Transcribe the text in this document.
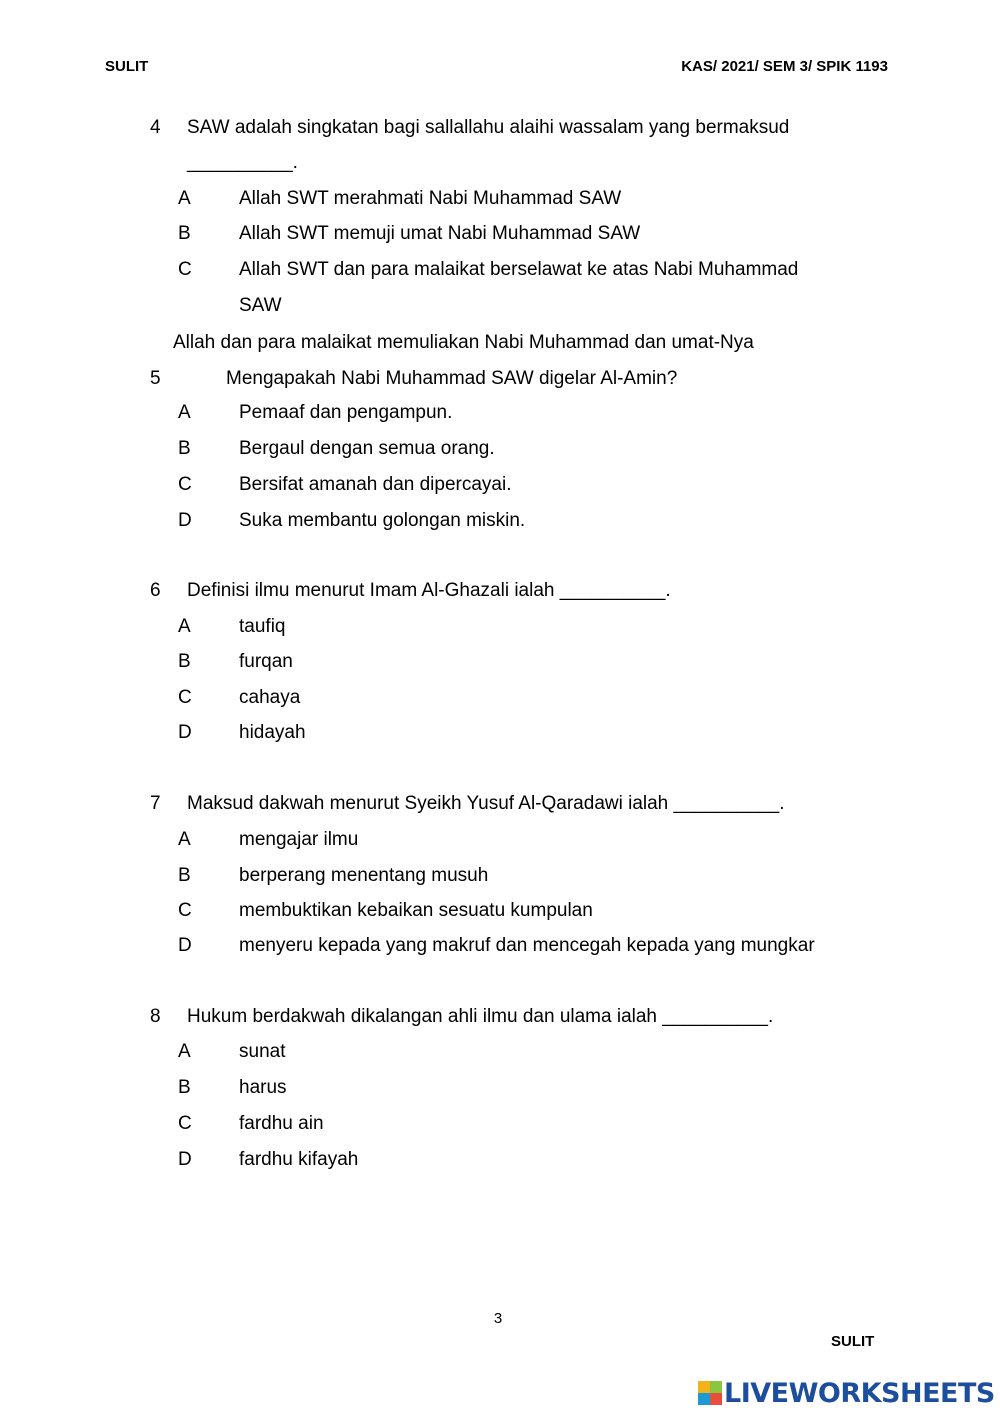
SULIT	KAS/ 2021/ SEM 3/ SPIK 1193
4 SAW adalah singkatan bagi sallallahu alaihi wassalam yang bermaksud
__________.
A	Allah SWT merahmati Nabi Muhammad SAW
B	Allah SWT memuji umat Nabi Muhammad SAW
C Allah SWT dan para malaikat berselawat ke atas Nabi Muhammad
SAW
Allah dan para malaikat memuliakan Nabi Muhammad dan umat-Nya
5	Mengapakah Nabi Muhammad SAW digelar Al-Amin?
A	Pemaaf dan pengampun.
B	Bergaul dengan semua orang.
C Bersifat amanah dan dipercayai.
D Suka membantu golongan miskin.
6 Definisi ilmu menurut Imam Al-Ghazali ialah __________.
A	taufiq
B	furqan
C cahaya
D hidayah
7 Maksud dakwah menurut Syeikh Yusuf Al-Qaradawi ialah __________.
A	mengajar ilmu
B	berperang menentang musuh
C membuktikan kebaikan sesuatu kumpulan
D menyeru kepada yang makruf dan mencegah kepada yang mungkar
8 Hukum berdakwah dikalangan ahli ilmu dan ulama ialah __________.
A	sunat
B	harus
C fardhu ain
D fardhu kifayah
3
SULIT
LIVEWORKSHEETS
